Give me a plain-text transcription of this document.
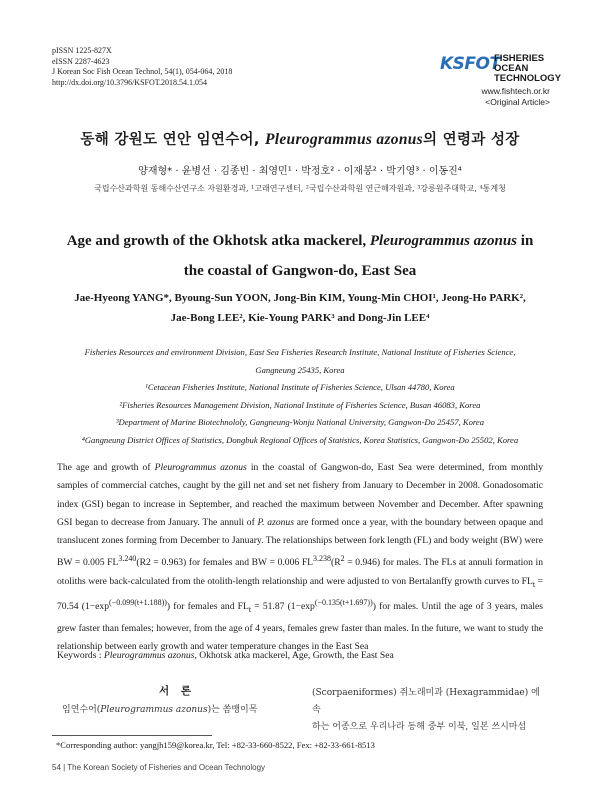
pISSN 1225-827X
eISSN 2287-4623
J Korean Soc Fish Ocean Technol, 54(1), 054-064, 2018
http://dx.doi.org/10.3796/KSFOT.2018.54.1.054
KSFOT
FISHERIES OCEAN
TECHNOLOGY
www.fishtech.or.kr
<Original Article>
동해 강원도 연안 임연수어, Pleurogrammus azonus의 연령과 성장
양재형* · 윤병선 · 김종빈 · 최영민¹ · 박정호² · 이재봉² · 박기영³ · 이동진⁴
국립수산과학원 동해수산연구소 자원환경과, ¹고래연구센터, ²국립수산과학원 연근해자원과, ³강릉원주대학교, ⁴통계청
Age and growth of the Okhotsk atka mackerel, Pleurogrammus azonus in
the coastal of Gangwon-do, East Sea
Jae-Hyeong YANG*, Byoung-Sun YOON, Jong-Bin KIM, Young-Min CHOI¹, Jeong-Ho PARK²,
Jae-Bong LEE², Kie-Young PARK³ and Dong-Jin LEE⁴
Fisheries Resources and environment Division, East Sea Fisheries Research Institute, National Institute of Fisheries Science,
Gangneung 25435, Korea
¹Cetacean Fisheries Institute, National Institute of Fisheries Science, Ulsan 44780, Korea
²Fisheries Resources Management Division, National Institute of Fisheries Science, Busan 46083, Korea
³Department of Marine Biotechnololy, Gangneung-Wonju National University, Gangwon-Do 25457, Korea
⁴Gangneung District Offices of Statistics, Dongbuk Regional Offices of Statistics, Korea Statistics, Gangwon-Do 25502, Korea
The age and growth of Pleurogrammus azonus in the coastal of Gangwon-do, East Sea were determined, from monthly samples of commercial catches, caught by the gill net and set net fishery from January to December in 2008. Gonadosomatic index (GSI) began to increase in September, and reached the maximum between November and December. After spawning GSI began to decrease from January. The annuli of P. azonus are formed once a year, with the boundary between opaque and translucent zones forming from December to January. The relationships between fork length (FL) and body weight (BW) were BW = 0.005 $FL^{3.240}(R2 = 0.963)$ for females and BW = 0.006 $FL^{3.238}(R^2 = 0.946)$ for males. The FLs at annuli formation in otoliths were back-calculated from the otolith-length relationship and were adjusted to von Bertalanffy growth curves to $FL_t = 70.54$ $(1-\exp^{(-0.099(t+1.188))})$ for females and $FL_t = 51.87$ $(1-\exp^{(-0.135(t+1.697))})$ for males. Until the age of 3 years, males grew faster than females; however, from the age of 4 years, females grew faster than males. In the future, we want to study the relationship between early growth and water temperature changes in the East Sea
Keywords : Pleurogrammus azonus, Okhotsk atka mackerel, Age, Growth, the East Sea
서 론
임연수어(Pleurogrammus azonus)는 쏨뱅이목
(Scorpaeniformes) 쥐노래미과 (Hexagrammidae) 에 속
하는 어종으로 우리나라 동해 중부 이북, 일본 쓰시마섬
*Corresponding author: yangjh159@korea.kr, Tel: +82-33-660-8522, Fex: +82-33-661-8513
54 | The Korean Society of Fisheries and Ocean Technology
